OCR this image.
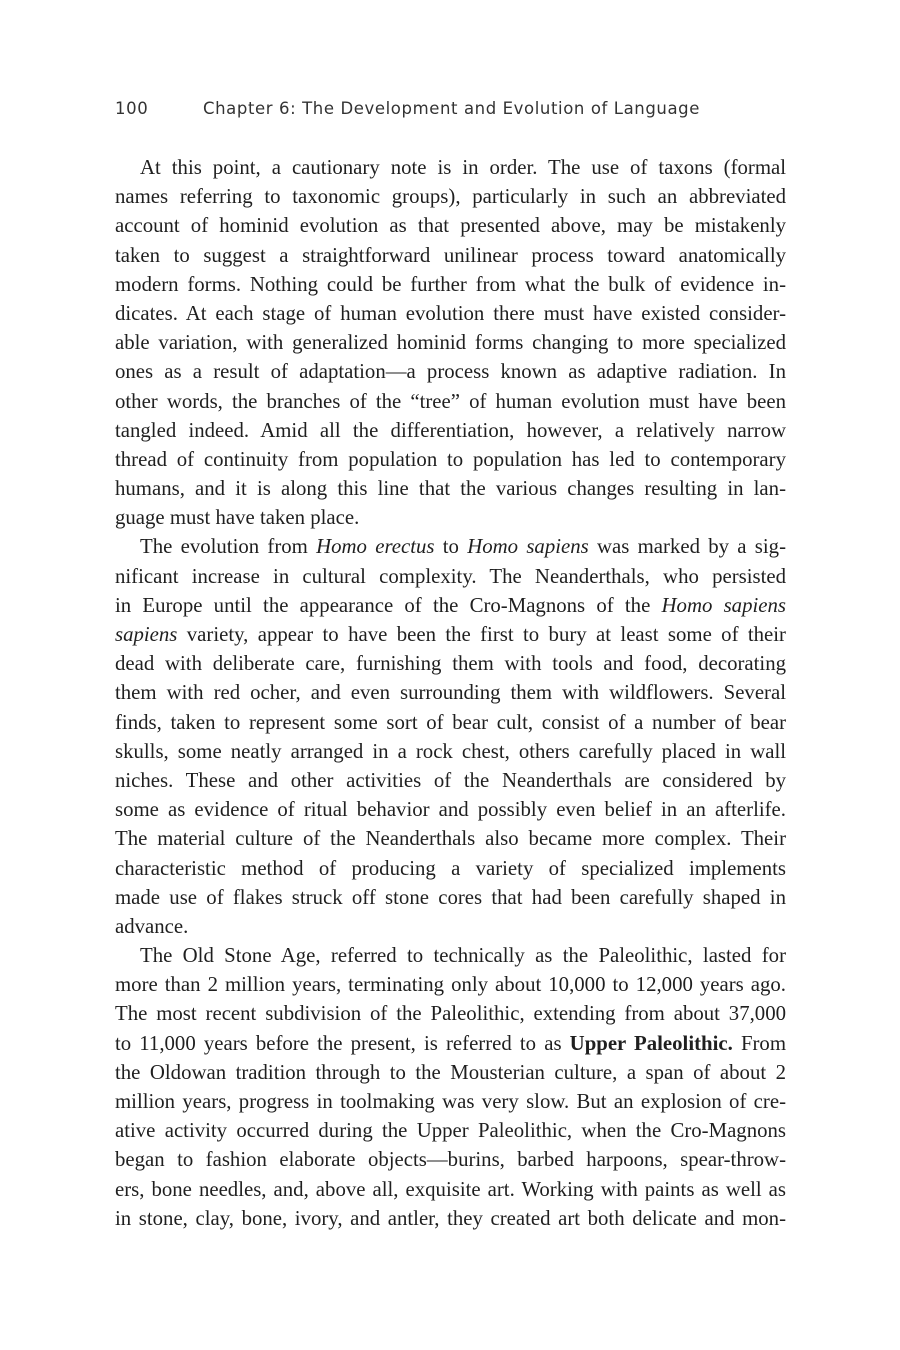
100	Chapter 6: The Development and Evolution of Language
At this point, a cautionary note is in order. The use of taxons (formal
names referring to taxonomic groups), particularly in such an abbreviated
account of hominid evolution as that presented above, may be mistakenly
taken to suggest a straightforward unilinear process toward anatomically
modern forms. Nothing could be further from what the bulk of evidence in-
dicates. At each stage of human evolution there must have existed consider-
able variation, with generalized hominid forms changing to more specialized
ones as a result of adaptation—a process known as adaptive radiation. In
other words, the branches of the “tree” of human evolution must have been
tangled indeed. Amid all the differentiation, however, a relatively narrow
thread of continuity from population to population has led to contemporary
humans, and it is along this line that the various changes resulting in lan-
guage must have taken place.
The evolution from Homo erectus to Homo sapiens was marked by a sig-
nificant increase in cultural complexity. The Neanderthals, who persisted
in Europe until the appearance of the Cro-Magnons of the Homo sapiens
sapiens variety, appear to have been the first to bury at least some of their
dead with deliberate care, furnishing them with tools and food, decorating
them with red ocher, and even surrounding them with wildflowers. Several
finds, taken to represent some sort of bear cult, consist of a number of bear
skulls, some neatly arranged in a rock chest, others carefully placed in wall
niches. These and other activities of the Neanderthals are considered by
some as evidence of ritual behavior and possibly even belief in an afterlife.
The material culture of the Neanderthals also became more complex. Their
characteristic method of producing a variety of specialized implements
made use of flakes struck off stone cores that had been carefully shaped in
advance.
The Old Stone Age, referred to technically as the Paleolithic, lasted for
more than 2 million years, terminating only about 10,000 to 12,000 years ago.
The most recent subdivision of the Paleolithic, extending from about 37,000
to 11,000 years before the present, is referred to as Upper Paleolithic. From
the Oldowan tradition through to the Mousterian culture, a span of about 2
million years, progress in toolmaking was very slow. But an explosion of cre-
ative activity occurred during the Upper Paleolithic, when the Cro-Magnons
began to fashion elaborate objects—burins, barbed harpoons, spear-throw-
ers, bone needles, and, above all, exquisite art. Working with paints as well as
in stone, clay, bone, ivory, and antler, they created art both delicate and mon-
